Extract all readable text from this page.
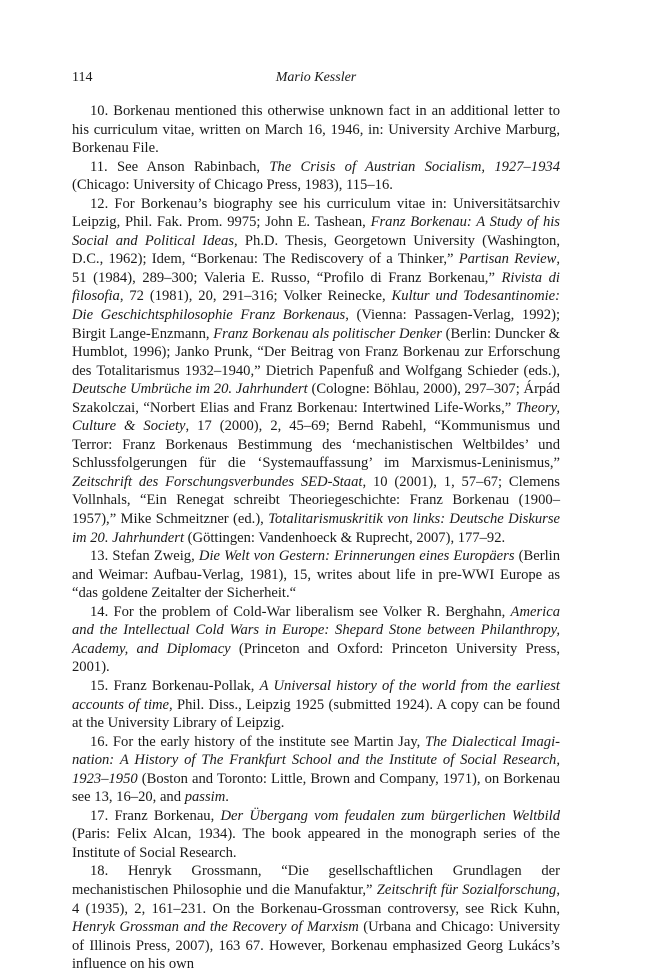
114	Mario Kessler

10. Borkenau mentioned this otherwise unknown fact in an additional letter to his curriculum vitae, written on March 16, 1946, in: University Archive Marburg, Borkenau File.

11. See Anson Rabinbach, The Crisis of Austrian Socialism, 1927–1934 (Chicago: University of Chicago Press, 1983), 115–16.

12. For Borkenau’s biography see his curriculum vitae in: Universitätsarchiv Leipzig, Phil. Fak. Prom. 9975; John E. Tashean, Franz Borkenau: A Study of his Social and Political Ideas, Ph.D. Thesis, Georgetown University (Washington, D.C., 1962); Idem, “Borkenau: The Rediscovery of a Thinker,” Partisan Review, 51 (1984), 289–300; Valeria E. Russo, “Profilo di Franz Borkenau,” Rivista di filosofia, 72 (1981), 20, 291–316; Volker Reinecke, Kultur und Todesantinomie: Die Geschichtsphilosophie Franz Borkenaus, (Vienna: Passagen-Verlag, 1992); Birgit Lange-Enzmann, Franz Borkenau als politischer Denker (Berlin: Duncker & Humblot, 1996); Janko Prunk, “Der Beitrag von Franz Borkenau zur Erforschung des Totalitarismus 1932–1940,” Dietrich Papenfuß and Wolfgang Schieder (eds.), Deutsche Umbrüche im 20. Jahrhundert (Cologne: Böhlau, 2000), 297–307; Árpád Szakolczai, “Norbert Elias and Franz Borkenau: Intertwined Life-Works,” Theory, Culture & Society, 17 (2000), 2, 45–69; Bernd Rabehl, “Kommunismus und Terror: Franz Borkenaus Bestimmung des ‘mechanistischen Weltbildes’ und Schlussfolgerungen für die ‘Systemauffassung’ im Marxismus-Leninismus,” Zeitschrift des Forschungsverbundes SED-Staat, 10 (2001), 1, 57–67; Clemens Vollnhals, “Ein Renegat schreibt Theoriegeschichte: Franz Borkenau (1900–1957),” Mike Schmeitzner (ed.), Totalitarismuskritik von links: Deutsche Diskurse im 20. Jahrhundert (Göttingen: Vandenhoeck & Ruprecht, 2007), 177–92.

13. Stefan Zweig, Die Welt von Gestern: Erinnerungen eines Europäers (Berlin and Weimar: Aufbau-Verlag, 1981), 15, writes about life in pre-WWI Europe as “das goldene Zeitalter der Sicherheit.“

14. For the problem of Cold-War liberalism see Volker R. Berghahn, America and the Intellectual Cold Wars in Europe: Shepard Stone between Philanthropy, Academy, and Diplomacy (Princeton and Oxford: Princeton University Press, 2001).

15. Franz Borkenau-Pollak, A Universal history of the world from the earliest accounts of time, Phil. Diss., Leipzig 1925 (submitted 1924). A copy can be found at the University Library of Leipzig.

16. For the early history of the institute see Martin Jay, The Dialectical Imagination: A History of The Frankfurt School and the Institute of Social Research, 1923–1950 (Boston and Toronto: Little, Brown and Company, 1971), on Borkenau see 13, 16–20, and passim.

17. Franz Borkenau, Der Übergang vom feudalen zum bürgerlichen Weltbild (Paris: Felix Alcan, 1934). The book appeared in the monograph series of the Institute of Social Research.

18. Henryk Grossmann, “Die gesellschaftlichen Grundlagen der mechanistischen Philosophie und die Manufaktur,” Zeitschrift für Sozialforschung, 4 (1935), 2, 161–231. On the Borkenau-Grossman controversy, see Rick Kuhn, Henryk Grossman and the Recovery of Marxism (Urbana and Chicago: University of Illinois Press, 2007), 163 67. However, Borkenau emphasized Georg Lukács’s influence on his own
